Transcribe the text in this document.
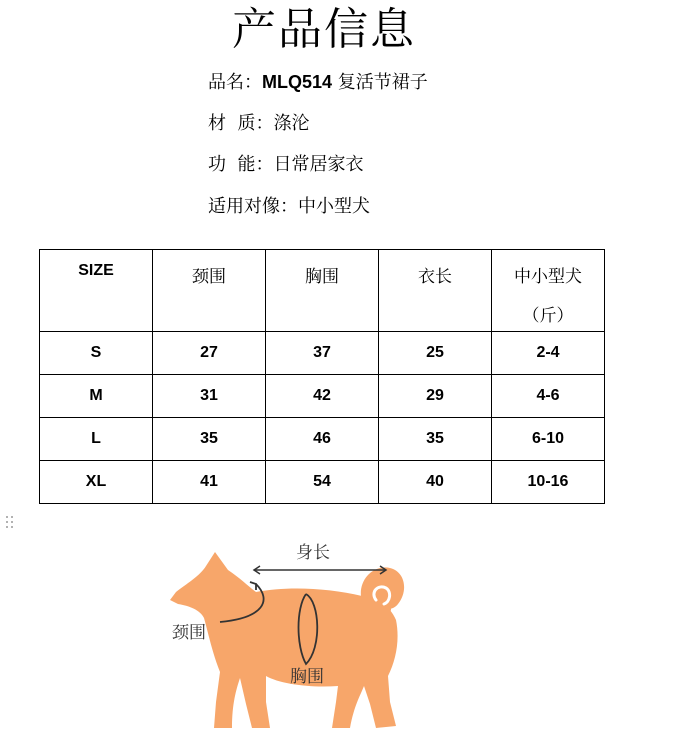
产品信息
品名：MLQ514 复活节裙子
材  质：涤沦
功  能：日常居家衣
适用对像：中小型犬
SIZE	颈围	胸围	衣长	中小型犬
（斤）

S	27	37	25	2-4
M	31	42	29	4-6
L	35	46	35	6-10
XL	41	54	40	10-16
身长
颈围
胸围
